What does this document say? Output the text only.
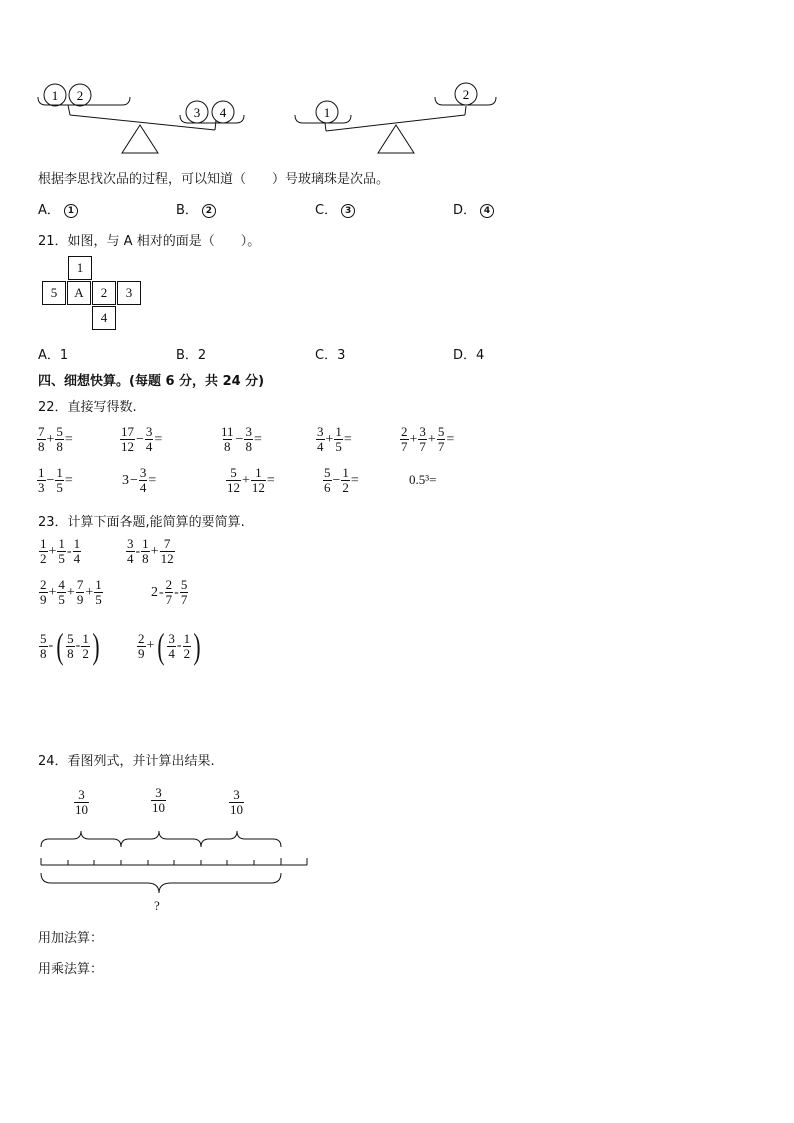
1 2
3 4	1
2
根据李思找次品的过程，可以知道（　　）号玻璃珠是次品。
A． 1	B． 2	C． 3	D． 4
21．如图，与 A 相对的面是（　　）。
1
5	A	2	3
4
A．1	B．2	C．3	D．4
四、细想快算。(每题 6 分，共 24 分)
22．直接写得数.
$\frac{7}{8} + \frac{5}{8}$ =	$\frac{17}{12} - \frac{3}{4}$ =	$\frac{11}{8} - \frac{3}{8}$ =	$\frac{3}{4} + \frac{1}{5}$ =	$\frac{2}{7} + \frac{3}{7} + \frac{5}{7}$ =
$\frac{1}{3} - \frac{1}{5}$ =	$3 - \frac{3}{4}$ =	$\frac{5}{12} + \frac{1}{12}$ =	$\frac{5}{6} - \frac{1}{2}$ =	0.5³=
23．计算下面各题,能简算的要简算.
$\frac{1}{2} + \frac{1}{5} - \frac{1}{4}$	$\frac{3}{4} - \frac{1}{8} + \frac{7}{12}$
$\frac{2}{9} + \frac{4}{5} + \frac{7}{9} + \frac{1}{5}$	$2 - \frac{2}{7} - \frac{5}{7}$
$\frac{5}{8}$ - ( $\frac{5}{8} - \frac{1}{2}$ )	$\frac{2}{9}$ + ( $\frac{3}{4} - \frac{1}{2}$ )
24．看图列式，并计算出结果.
$\frac{3}{10}$	$\frac{3}{10}$	$\frac{3}{10}$
?
用加法算：
用乘法算：
